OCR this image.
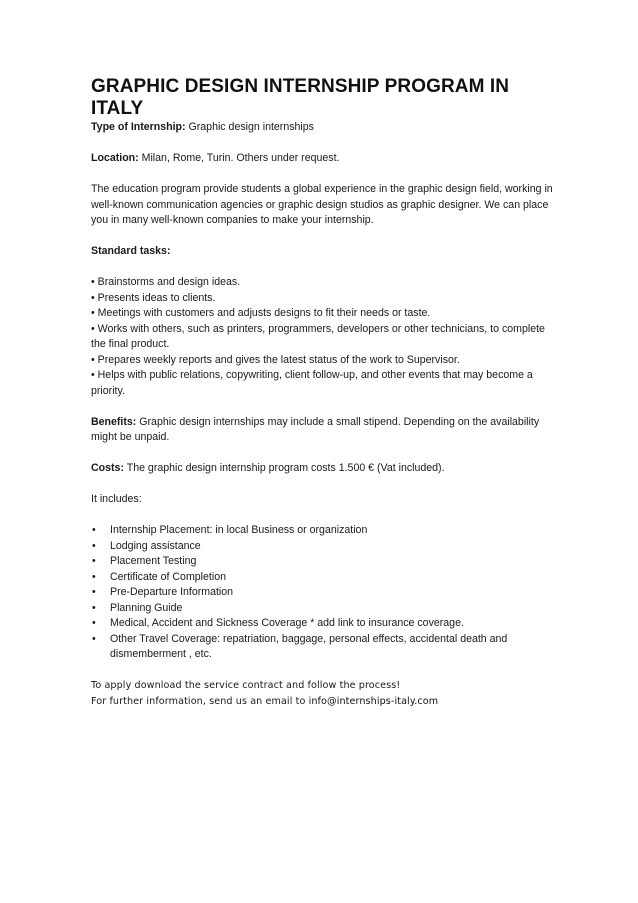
GRAPHIC DESIGN INTERNSHIP PROGRAM IN ITALY

Type of Internship: Graphic design internships

Location: Milan, Rome, Turin. Others under request.

The education program provide students a global experience in the graphic design field, working in well-known communication agencies or graphic design studios as graphic designer. We can place you in many well-known companies to make your internship.

Standard tasks:

• Brainstorms and design ideas.

• Presents ideas to clients.

• Meetings with customers and adjusts designs to fit their needs or taste.

• Works with others, such as printers, programmers, developers or other technicians, to complete the final product.

• Prepares weekly reports and gives the latest status of the work to Supervisor.

• Helps with public relations, copywriting, client follow-up, and other events that may become a priority.

Benefits: Graphic design internships may include a small stipend. Depending on the availability might be unpaid.

Costs: The graphic design internship program costs 1.500 € (Vat included).

It includes:

• Internship Placement: in local Business or organization
• Lodging assistance
• Placement Testing
• Certificate of Completion
• Pre-Departure Information
• Planning Guide
• Medical, Accident and Sickness Coverage * add link to insurance coverage.
• Other Travel Coverage: repatriation, baggage, personal effects, accidental death and dismemberment , etc.

To apply download the service contract and follow the process!

For further information, send us an email to info@internships-italy.com
